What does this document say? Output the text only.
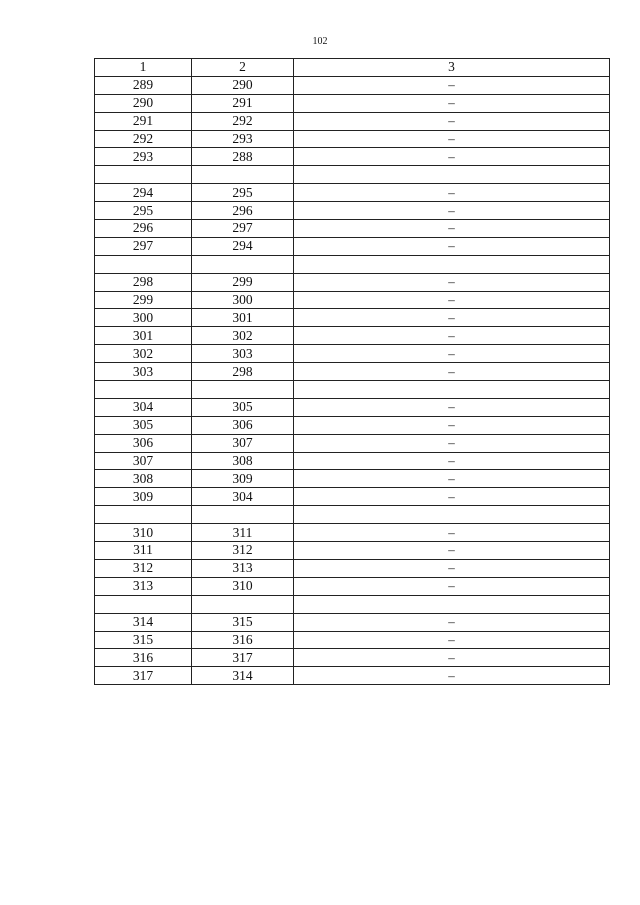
102
1	2	3
289	290	–
290	291	–
291	292	–
292	293	–
293	288	–

294	295	–
295	296	–
296	297	–
297	294	–

298	299	–
299	300	–
300	301	–
301	302	–
302	303	–
303	298	–

304	305	–
305	306	–
306	307	–
307	308	–
308	309	–
309	304	–

310	311	–
311	312	–
312	313	–
313	310	–

314	315	–
315	316	–
316	317	–
317	314	–
